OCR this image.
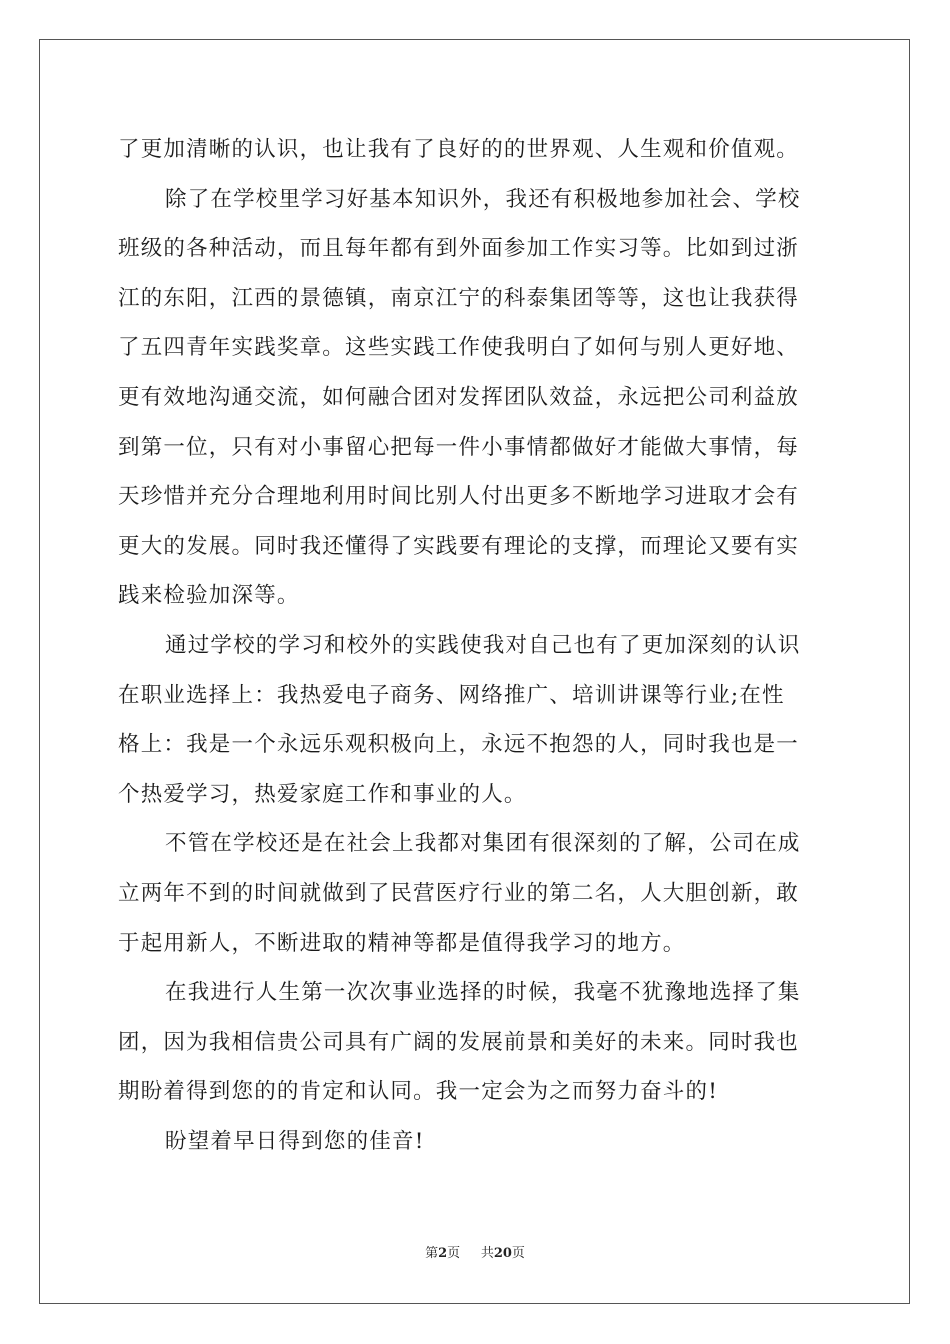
了更加清晰的认识，也让我有了良好的的世界观、人生观和价值观。
除了在学校里学习好基本知识外，我还有积极地参加社会、学校
班级的各种活动，而且每年都有到外面参加工作实习等。比如到过浙
江的东阳，江西的景德镇，南京江宁的科泰集团等等，这也让我获得
了五四青年实践奖章。这些实践工作使我明白了如何与别人更好地、
更有效地沟通交流，如何融合团对发挥团队效益，永远把公司利益放
到第一位，只有对小事留心把每一件小事情都做好才能做大事情，每
天珍惜并充分合理地利用时间比别人付出更多不断地学习进取才会有
更大的发展。同时我还懂得了实践要有理论的支撑，而理论又要有实
践来检验加深等。
通过学校的学习和校外的实践使我对自己也有了更加深刻的认识
在职业选择上：我热爱电子商务、网络推广、培训讲课等行业;在性
格上：我是一个永远乐观积极向上，永远不抱怨的人，同时我也是一
个热爱学习，热爱家庭工作和事业的人。
不管在学校还是在社会上我都对集团有很深刻的了解，公司在成
立两年不到的时间就做到了民营医疗行业的第二名，人大胆创新，敢
于起用新人，不断进取的精神等都是值得我学习的地方。
在我进行人生第一次次事业选择的时候，我毫不犹豫地选择了集
团，因为我相信贵公司具有广阔的发展前景和美好的未来。同时我也
期盼着得到您的的肯定和认同。我一定会为之而努力奋斗的!
盼望着早日得到您的佳音!
第2页 共20页
